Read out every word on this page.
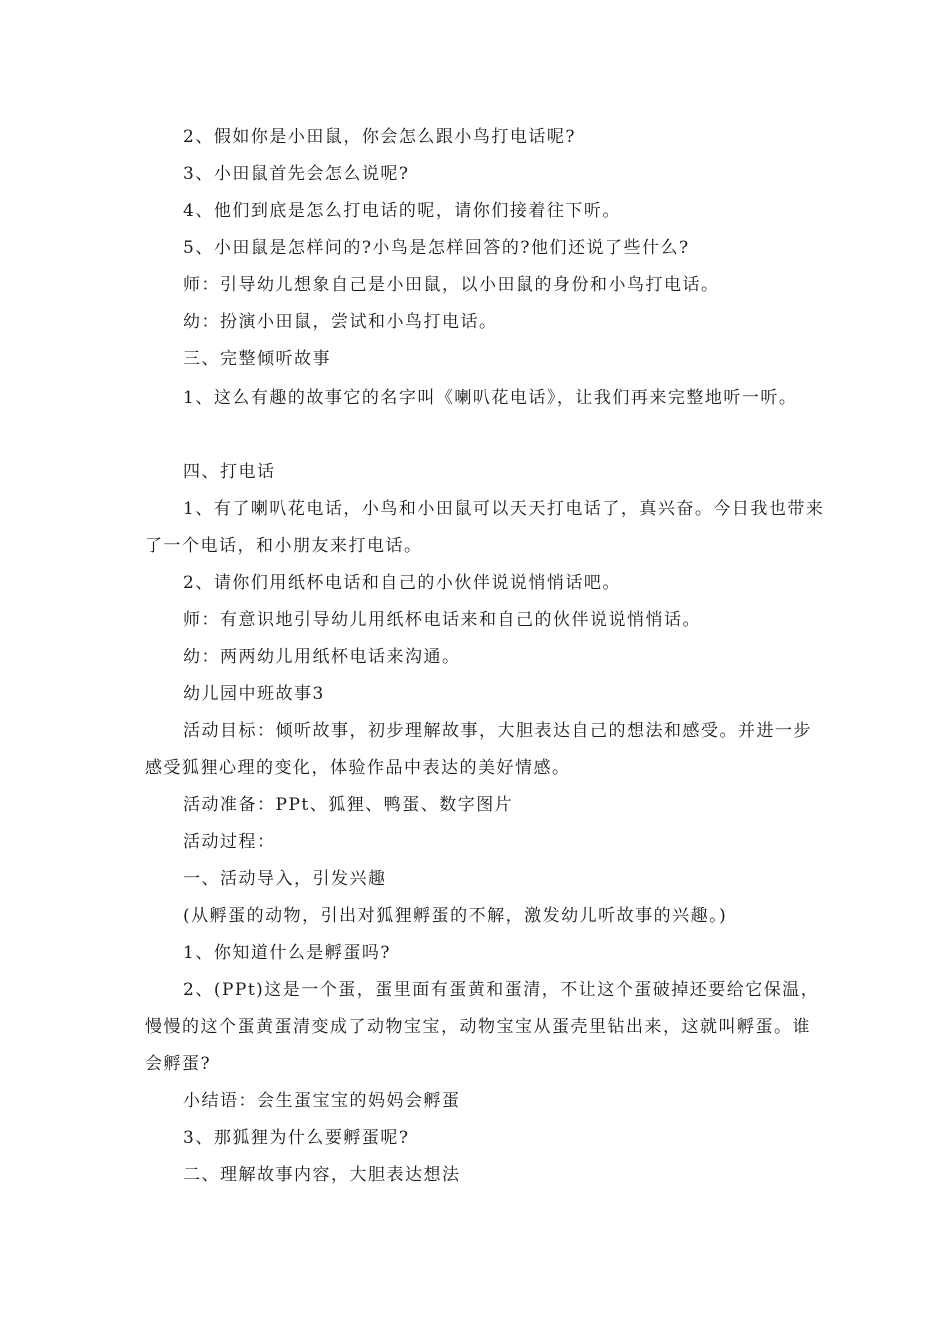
2、假如你是小田鼠，你会怎么跟小鸟打电话呢?

3、小田鼠首先会怎么说呢?

4、他们到底是怎么打电话的呢，请你们接着往下听。

5、小田鼠是怎样问的?小鸟是怎样回答的?他们还说了些什么?

师：引导幼儿想象自己是小田鼠，以小田鼠的身份和小鸟打电话。

幼：扮演小田鼠，尝试和小鸟打电话。

三、完整倾听故事

1、这么有趣的故事它的名字叫《喇叭花电话》，让我们再来完整地听一听。

四、打电话

1、有了喇叭花电话，小鸟和小田鼠可以天天打电话了，真兴奋。今日我也带来了一个电话，和小朋友来打电话。

2、请你们用纸杯电话和自己的小伙伴说说悄悄话吧。

师：有意识地引导幼儿用纸杯电话来和自己的伙伴说说悄悄话。

幼：两两幼儿用纸杯电话来沟通。

幼儿园中班故事3

活动目标：倾听故事，初步理解故事，大胆表达自己的想法和感受。并进一步感受狐狸心理的变化，体验作品中表达的美好情感。

活动准备：PPt、狐狸、鸭蛋、数字图片

活动过程：

一、活动导入，引发兴趣

(从孵蛋的动物，引出对狐狸孵蛋的不解，激发幼儿听故事的兴趣。)

1、你知道什么是孵蛋吗?

2、(PPt)这是一个蛋，蛋里面有蛋黄和蛋清，不让这个蛋破掉还要给它保温，慢慢的这个蛋黄蛋清变成了动物宝宝，动物宝宝从蛋壳里钻出来，这就叫孵蛋。谁会孵蛋?

小结语：会生蛋宝宝的妈妈会孵蛋

3、那狐狸为什么要孵蛋呢?

二、理解故事内容，大胆表达想法
